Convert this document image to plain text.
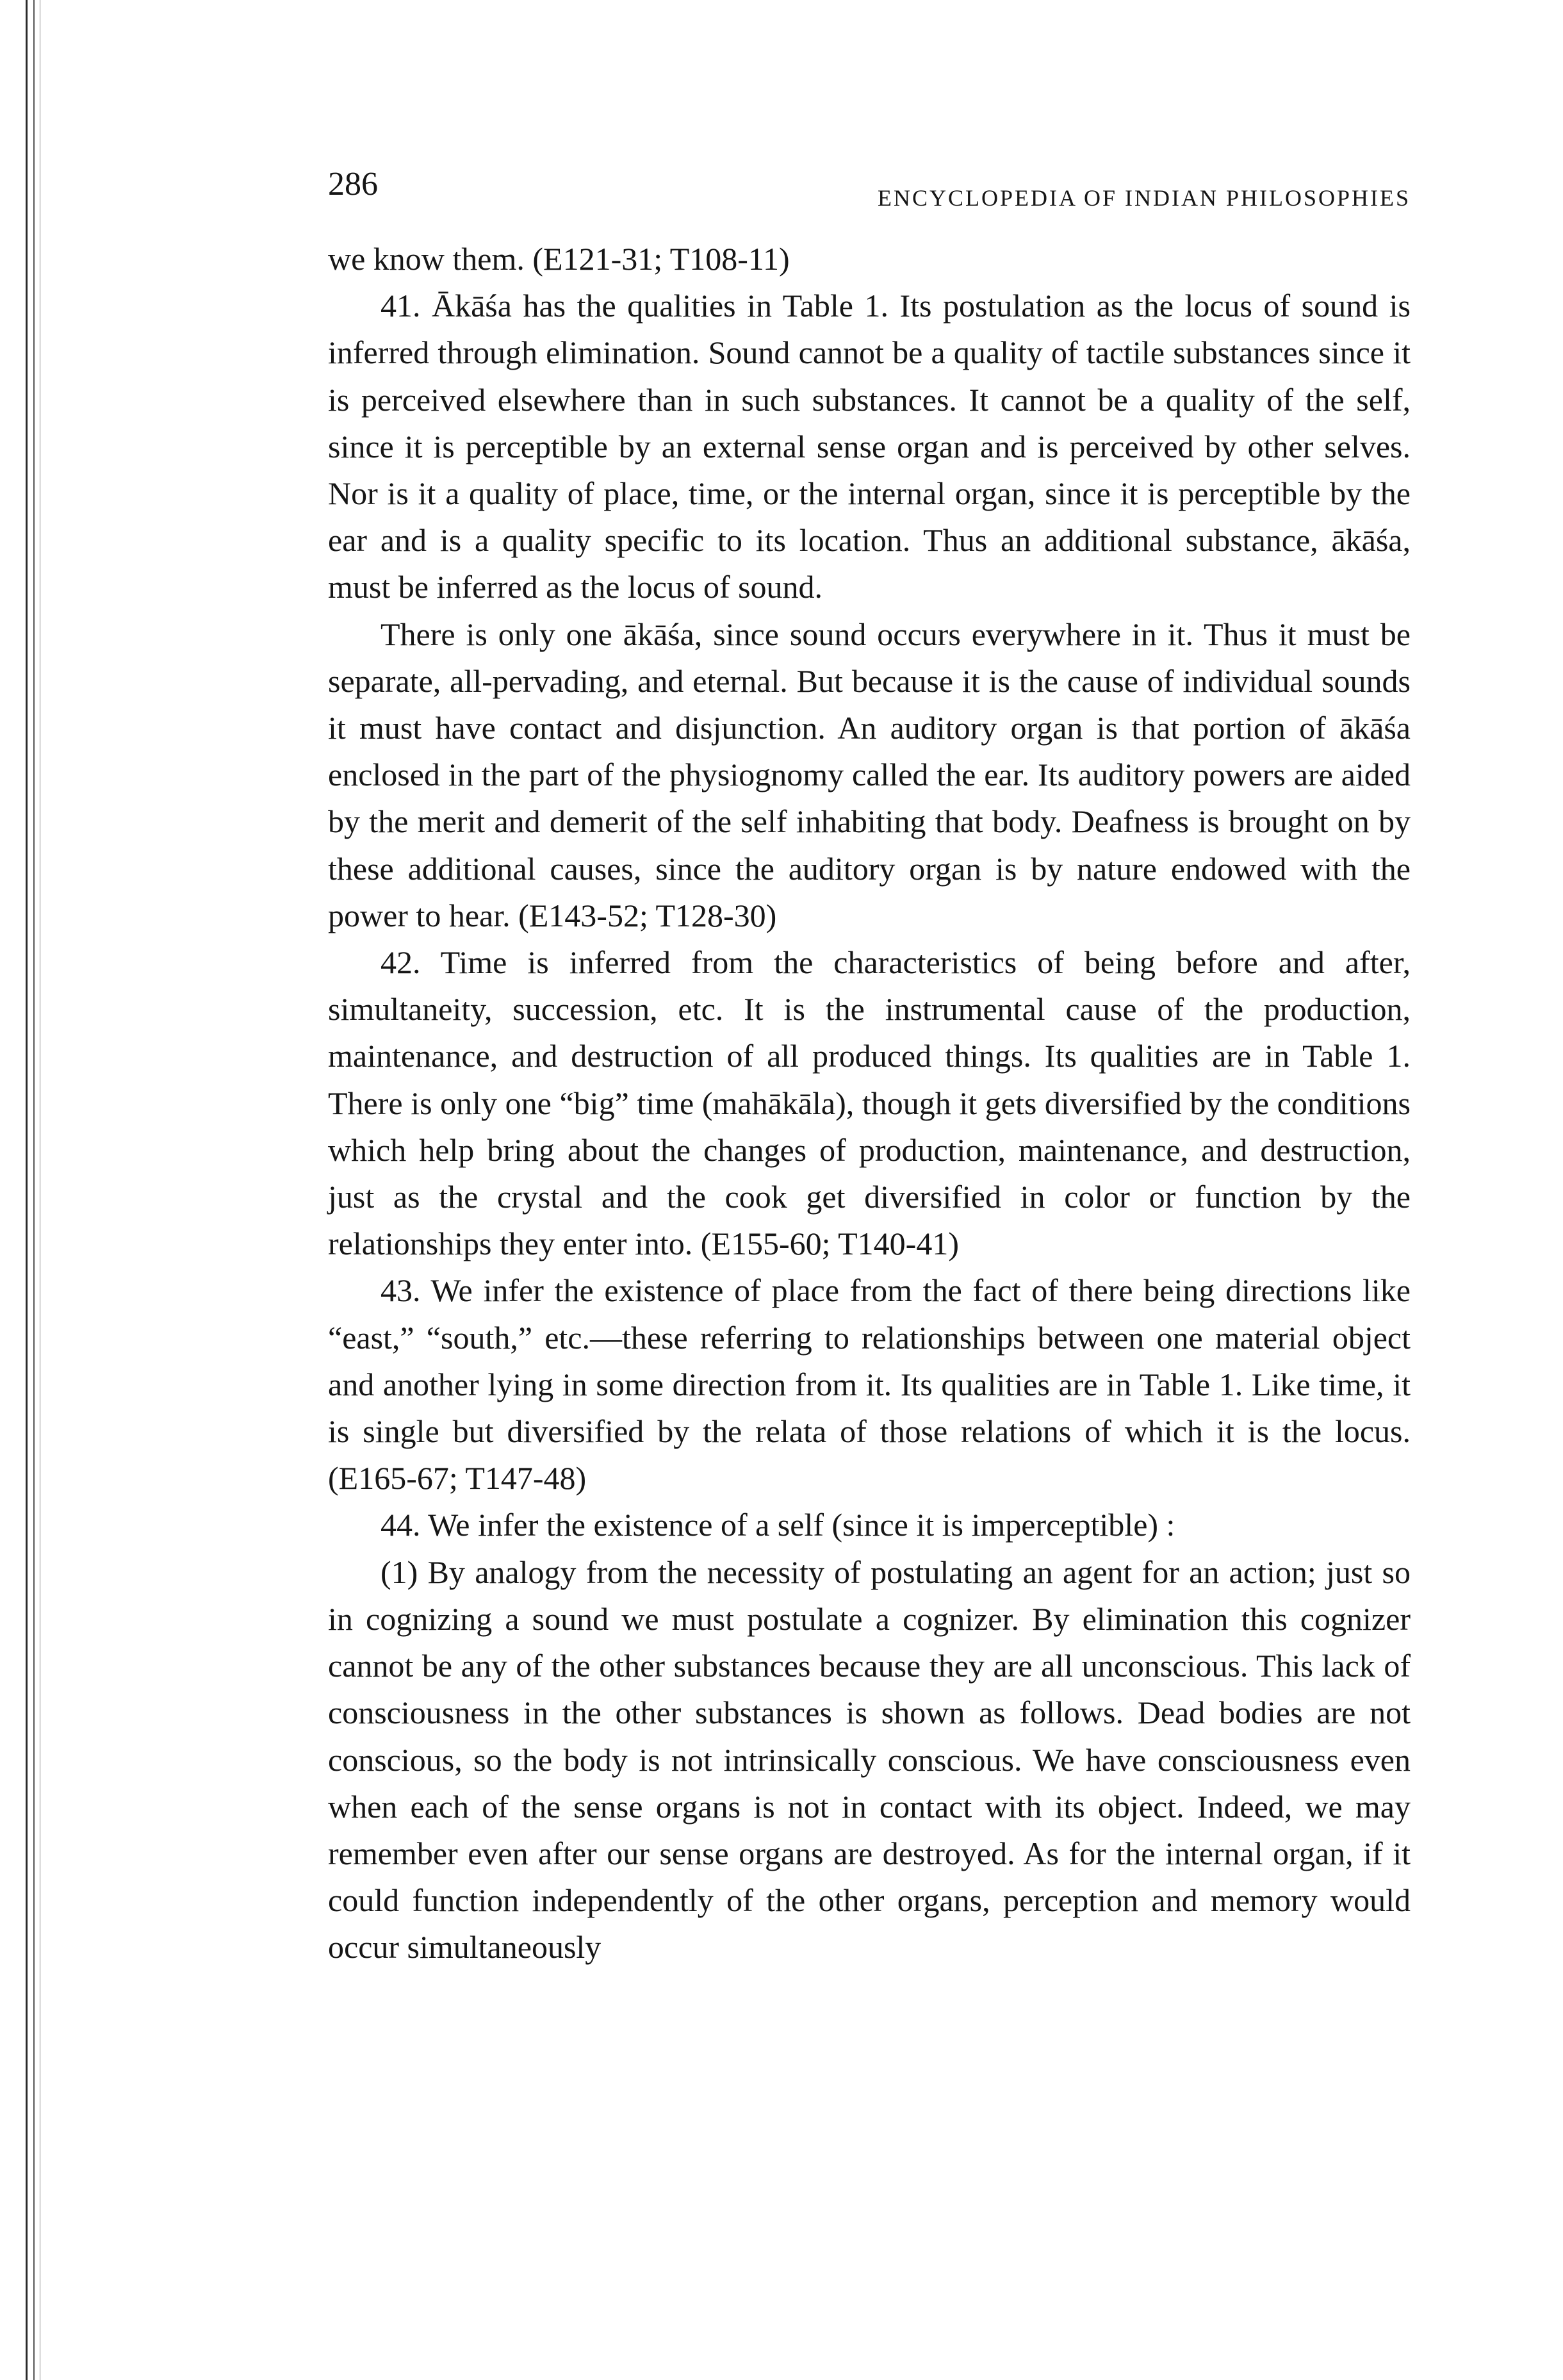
286	ENCYCLOPEDIA OF INDIAN PHILOSOPHIES

we know them. (E121-31; T108-11)

41. Ākāśa has the qualities in Table 1. Its postulation as the locus of sound is inferred through elimination. Sound cannot be a quality of tactile substances since it is perceived elsewhere than in such substances. It cannot be a quality of the self, since it is perceptible by an external sense organ and is perceived by other selves. Nor is it a quality of place, time, or the internal organ, since it is perceptible by the ear and is a quality specific to its location. Thus an additional substance, ākāśa, must be inferred as the locus of sound.

There is only one ākāśa, since sound occurs everywhere in it. Thus it must be separate, all-pervading, and eternal. But because it is the cause of individual sounds it must have contact and disjunction. An auditory organ is that portion of ākāśa enclosed in the part of the physiognomy called the ear. Its auditory powers are aided by the merit and demerit of the self inhabiting that body. Deafness is brought on by these additional causes, since the auditory organ is by nature endowed with the power to hear. (E143-52; T128-30)

42. Time is inferred from the characteristics of being before and after, simultaneity, succession, etc. It is the instrumental cause of the production, maintenance, and destruction of all produced things. Its qualities are in Table 1. There is only one “big” time (mahākāla), though it gets diversified by the conditions which help bring about the changes of production, maintenance, and destruction, just as the crystal and the cook get diversified in color or function by the relationships they enter into. (E155-60; T140-41)

43. We infer the existence of place from the fact of there being directions like “east,” “south,” etc.—these referring to relationships between one material object and another lying in some direction from it. Its qualities are in Table 1. Like time, it is single but diversified by the relata of those relations of which it is the locus. (E165-67; T147-48)

44. We infer the existence of a self (since it is imperceptible) :

(1) By analogy from the necessity of postulating an agent for an action; just so in cognizing a sound we must postulate a cognizer. By elimination this cognizer cannot be any of the other substances because they are all unconscious. This lack of consciousness in the other substances is shown as follows. Dead bodies are not conscious, so the body is not intrinsically conscious. We have consciousness even when each of the sense organs is not in contact with its object. Indeed, we may remember even after our sense organs are destroyed. As for the internal organ, if it could function independently of the other organs, perception and memory would occur simultaneously
